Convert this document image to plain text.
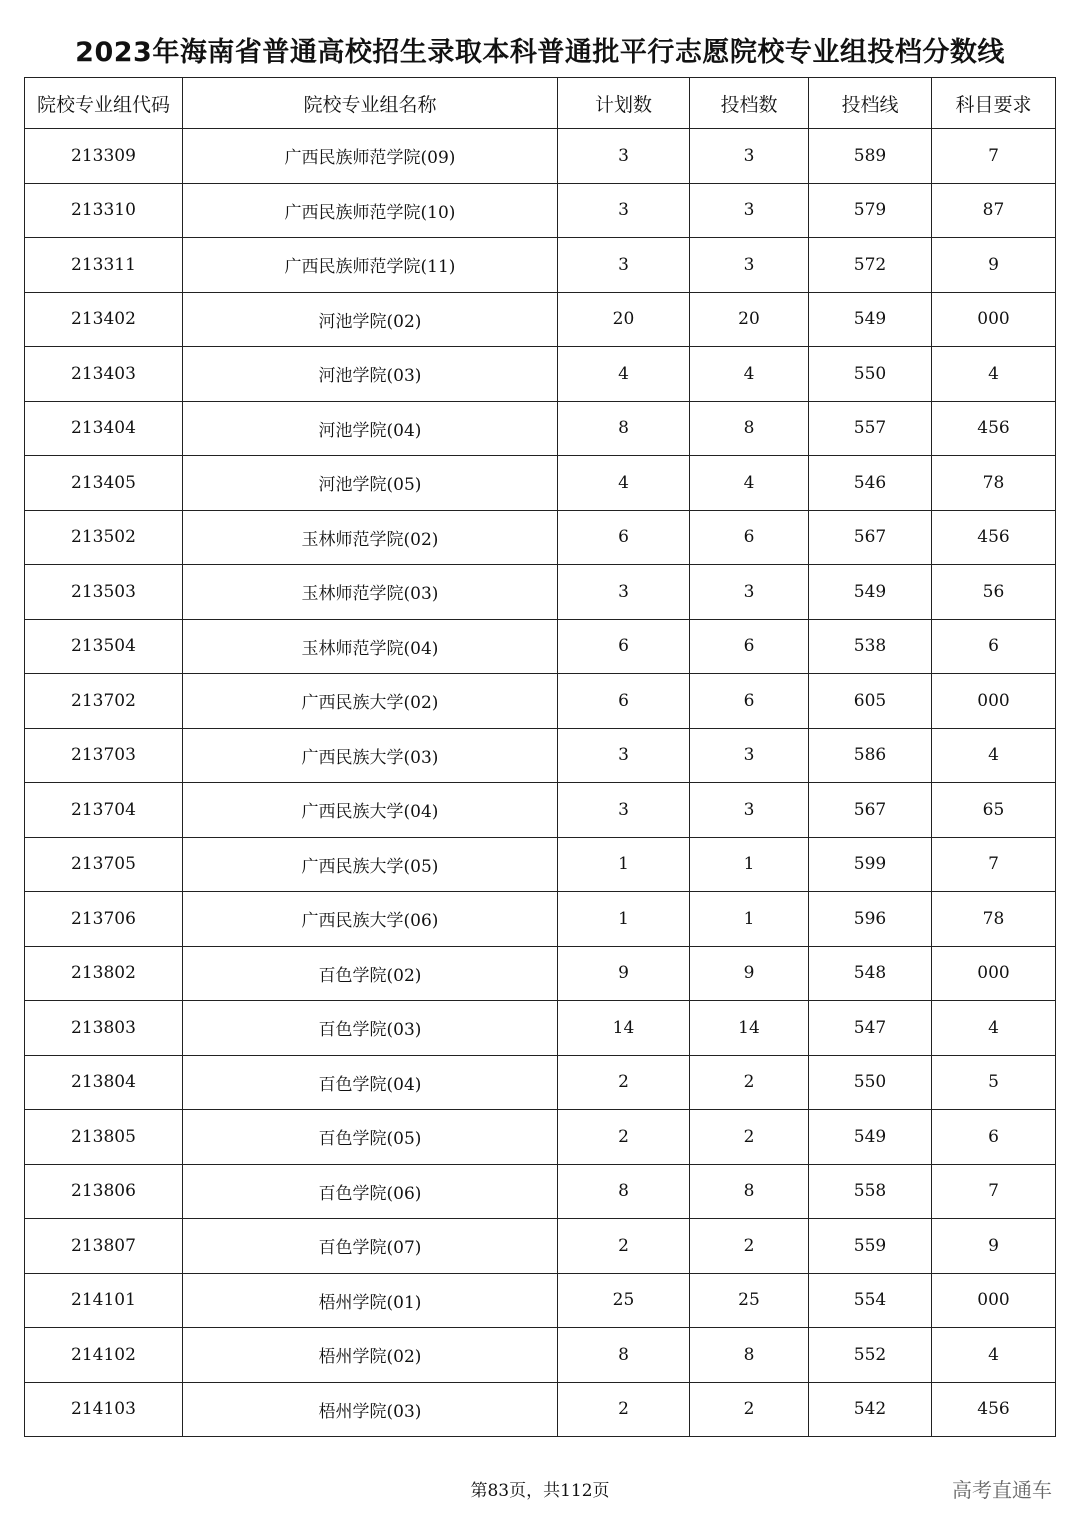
2023年海南省普通高校招生录取本科普通批平行志愿院校专业组投档分数线
院校专业组代码	院校专业组名称	计划数	投档数	投档线	科目要求
213309	广西民族师范学院(09)	3	3	589	7
213310	广西民族师范学院(10)	3	3	579	87
213311	广西民族师范学院(11)	3	3	572	9
213402	河池学院(02)	20	20	549	000
213403	河池学院(03)	4	4	550	4
213404	河池学院(04)	8	8	557	456
213405	河池学院(05)	4	4	546	78
213502	玉林师范学院(02)	6	6	567	456
213503	玉林师范学院(03)	3	3	549	56
213504	玉林师范学院(04)	6	6	538	6
213702	广西民族大学(02)	6	6	605	000
213703	广西民族大学(03)	3	3	586	4
213704	广西民族大学(04)	3	3	567	65
213705	广西民族大学(05)	1	1	599	7
213706	广西民族大学(06)	1	1	596	78
213802	百色学院(02)	9	9	548	000
213803	百色学院(03)	14	14	547	4
213804	百色学院(04)	2	2	550	5
213805	百色学院(05)	2	2	549	6
213806	百色学院(06)	8	8	558	7
213807	百色学院(07)	2	2	559	9
214101	梧州学院(01)	25	25	554	000
214102	梧州学院(02)	8	8	552	4
214103	梧州学院(03)	2	2	542	456
第83页，共112页	高考直通车
